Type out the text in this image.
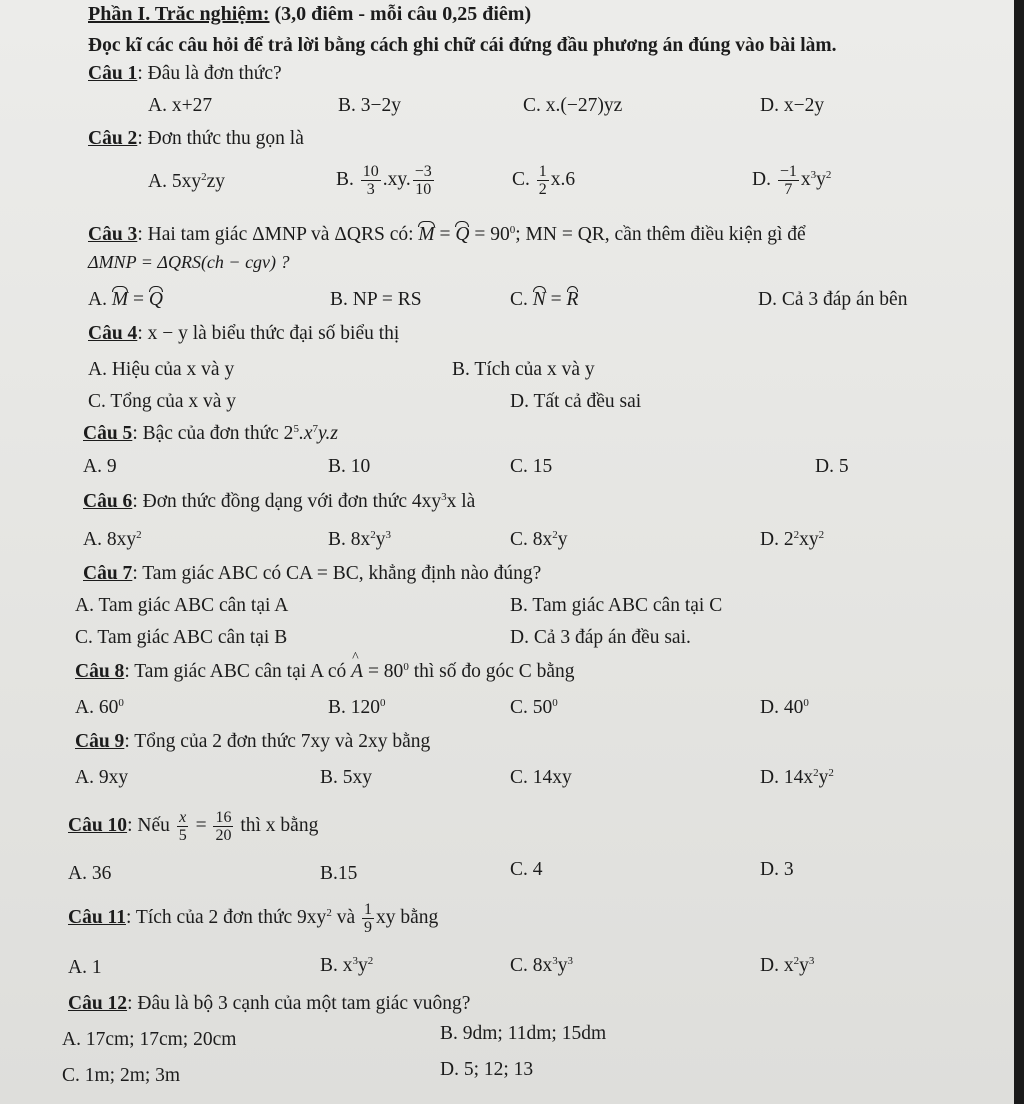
Phần I. Trăc nghiệm: (3,0 điêm - mỗi câu 0,25 điêm)
Đọc kĩ các câu hỏi để trả lời bằng cách ghi chữ cái đứng đầu phương án đúng vào bài làm.
Câu 1: Đâu là đơn thức?
A. x+27	B. 3−2y	C. x.(−27)yz	D. x−2y
Câu 2: Đơn thức thu gọn là
A. $5xy^2zy$	B. $\frac{10}{3} .xy$. $\frac{-3}{10}$	C. $\frac{1}{2} x.6$	D. $\frac{-1}{7} x^3y^2$
Câu 3: Hai tam giác ΔMNP và ΔQRS có: $M = Q = 90^0$; MN = QR, cần thêm điều kiện gì để
ΔMNP = ΔQRS(ch − cgv) ?
A. M = Q	B. NP = RS	C. N = R	D. Cả 3 đáp án bên
Câu 4: x − y là biểu thức đại số biểu thị
A. Hiệu của x và y	B. Tích của x và y
C. Tổng của x và y	D. Tất cả đều sai
Câu 5: Bậc của đơn thức $2^5.x^7y.z$
A. 9	B. 10	C. 15	D. 5
Câu 6: Đơn thức đồng dạng với đơn thức $4xy^3x$ là
A. $8xy^2$	B. $8x^2y^3$	C. $8x^2y$	D. $2^2xy^2$
Câu 7: Tam giác ABC có CA = BC, khẳng định nào đúng?
A. Tam giác ABC cân tại A	B. Tam giác ABC cân tại C
C. Tam giác ABC cân tại B	D. Cả 3 đáp án đều sai.
Câu 8: Tam giác ABC cân tại A có ^ $A = 80^0$ thì số đo góc C bằng
A. $60^0$	B. $120^0$	C. $50^0$	D. $40^0$
Câu 9: Tổng của 2 đơn thức 7xy và 2xy bằng
A. 9xy	B. 5xy	C. 14xy	D. $14x^2y^2$
Câu 10: Nếu $\frac{x}{5} = \frac{16}{20}$ thì x bằng
A. 36	B.15	C. 4	D. 3
Câu 11: Tích của 2 đơn thức $9xy^2$ và $\frac{1}{9}$ xy bằng
A. 1	B. $x^3y^2$	C. $8x^3y^3$	D. $x^2y^3$
Câu 12: Đâu là bộ 3 cạnh của một tam giác vuông?
A. 17cm; 17cm; 20cm	B. 9dm; 11dm; 15dm
C. 1m; 2m; 3m	D. 5; 12; 13
